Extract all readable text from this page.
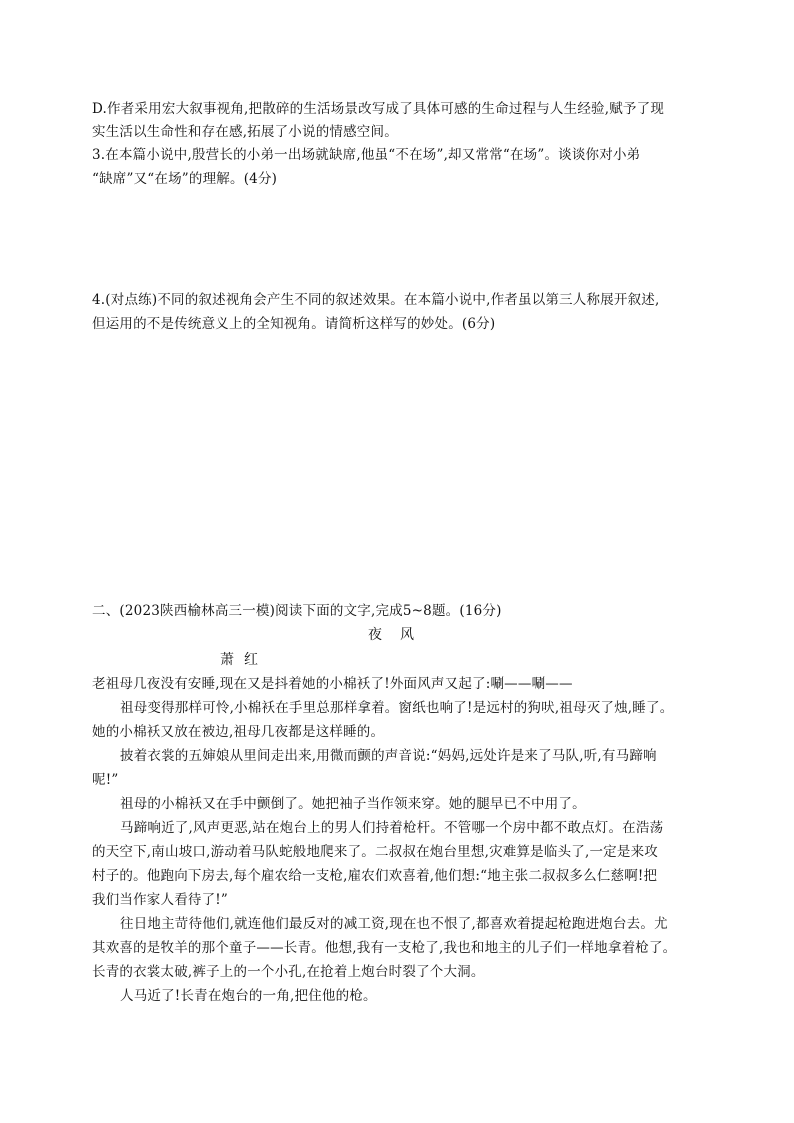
D.作者采用宏大叙事视角,把散碎的生活场景改写成了具体可感的生命过程与人生经验,赋予了现
实生活以生命性和存在感,拓展了小说的情感空间。
3.在本篇小说中,殷营长的小弟一出场就缺席,他虽“不在场”,却又常常“在场”。谈谈你对小弟
“缺席”又“在场”的理解。(4分)
4.(对点练)不同的叙述视角会产生不同的叙述效果。在本篇小说中,作者虽以第三人称展开叙述,
但运用的不是传统意义上的全知视角。请简析这样写的妙处。(6分)
二、(2023陕西榆林高三一模)阅读下面的文字,完成5~8题。(16分)
夜风
萧红
老祖母几夜没有安睡,现在又是抖着她的小棉袄了!外面风声又起了:唰——唰——
祖母变得那样可怜,小棉袄在手里总那样拿着。窗纸也响了!是远村的狗吠,祖母灭了烛,睡了。
她的小棉袄又放在被边,祖母几夜都是这样睡的。
披着衣裳的五婶娘从里间走出来,用微而颤的声音说:“妈妈,远处许是来了马队,听,有马蹄响
呢!”
祖母的小棉袄又在手中颤倒了。她把袖子当作领来穿。她的腿早已不中用了。
马蹄响近了,风声更恶,站在炮台上的男人们持着枪杆。不管哪一个房中都不敢点灯。在浩荡
的天空下,南山坡口,游动着马队蛇般地爬来了。二叔叔在炮台里想,灾难算是临头了,一定是来攻
村子的。他跑向下房去,每个雇农给一支枪,雇农们欢喜着,他们想:“地主张二叔叔多么仁慈啊!把
我们当作家人看待了!”
往日地主苛待他们,就连他们最反对的减工资,现在也不恨了,都喜欢着提起枪跑进炮台去。尤
其欢喜的是牧羊的那个童子——长青。他想,我有一支枪了,我也和地主的儿子们一样地拿着枪了。
长青的衣裳太破,裤子上的一个小孔,在抢着上炮台时裂了个大洞。
人马近了!长青在炮台的一角,把住他的枪。
